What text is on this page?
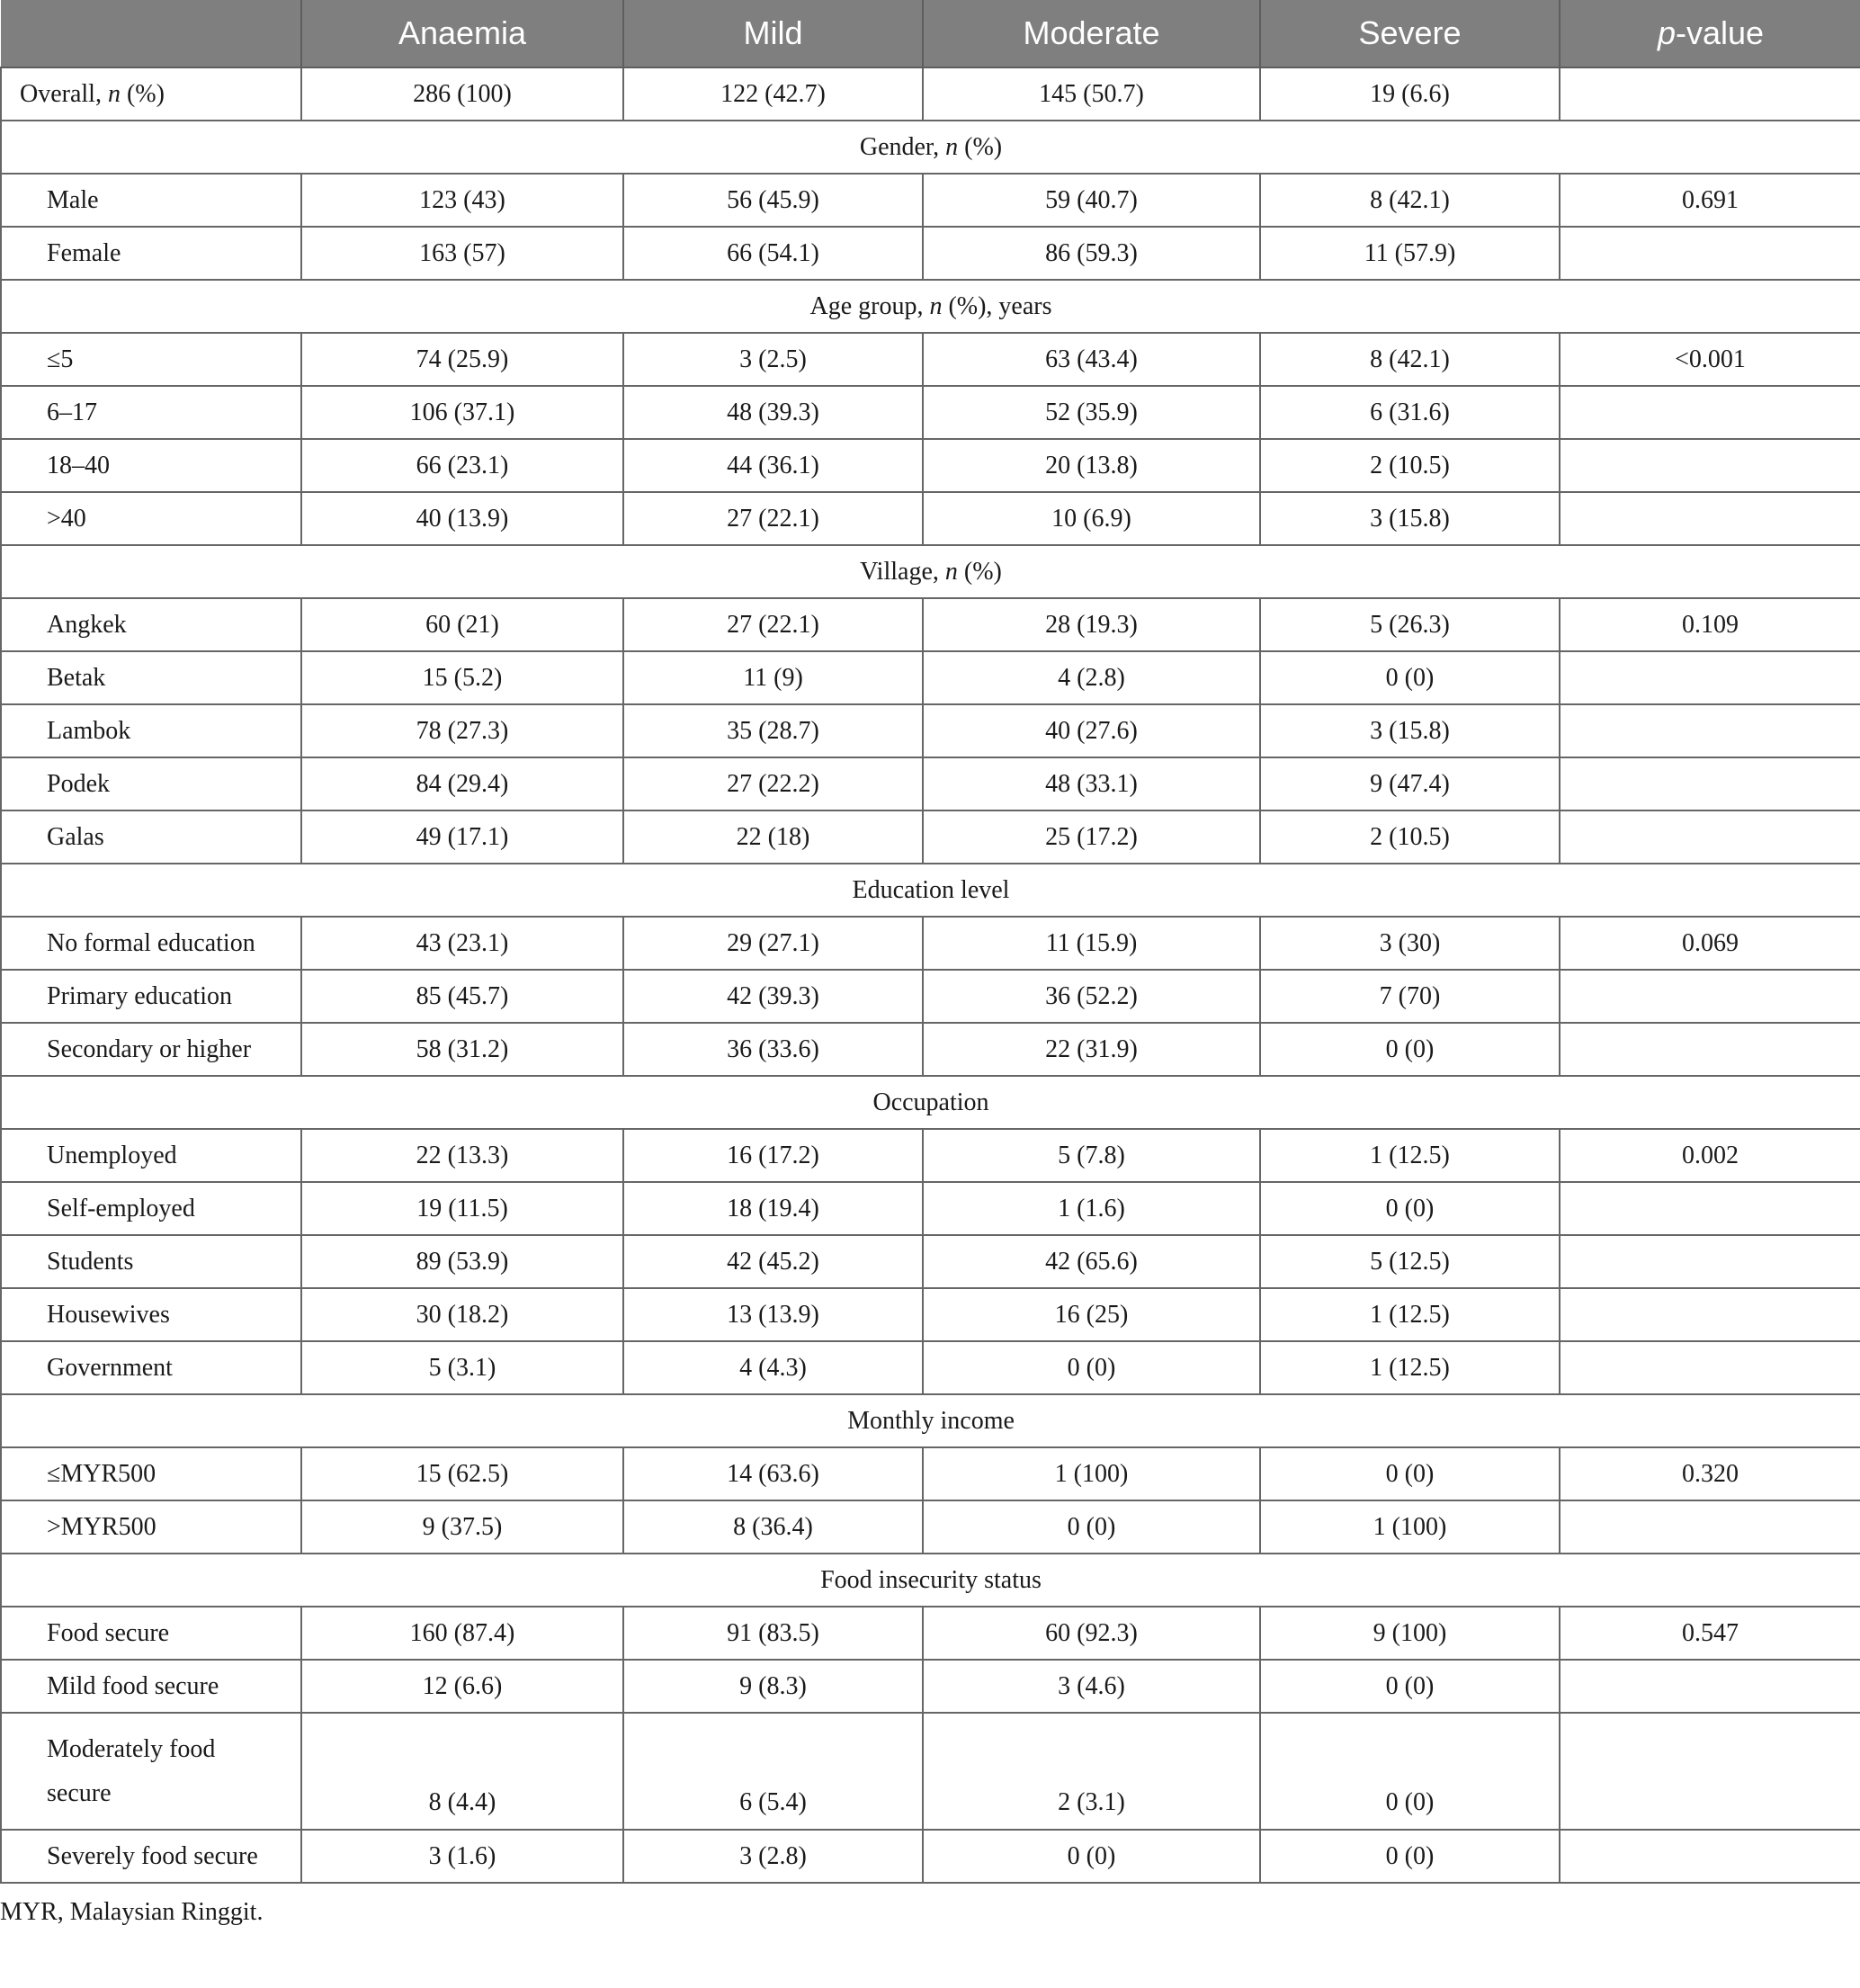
	Anaemia	Mild	Moderate	Severe	p-value
Overall, n (%)	286 (100)	122 (42.7)	145 (50.7)	19 (6.6)	
Gender, n (%)					
Male	123 (43)	56 (45.9)	59 (40.7)	8 (42.1)	0.691
Female	163 (57)	66 (54.1)	86 (59.3)	11 (57.9)	
Age group, n (%), years					
≤5	74 (25.9)	3 (2.5)	63 (43.4)	8 (42.1)	<0.001
6–17	106 (37.1)	48 (39.3)	52 (35.9)	6 (31.6)	
18–40	66 (23.1)	44 (36.1)	20 (13.8)	2 (10.5)	
>40	40 (13.9)	27 (22.1)	10 (6.9)	3 (15.8)	
Village, n (%)					
Angkek	60 (21)	27 (22.1)	28 (19.3)	5 (26.3)	0.109
Betak	15 (5.2)	11 (9)	4 (2.8)	0 (0)	
Lambok	78 (27.3)	35 (28.7)	40 (27.6)	3 (15.8)	
Podek	84 (29.4)	27 (22.2)	48 (33.1)	9 (47.4)	
Galas	49 (17.1)	22 (18)	25 (17.2)	2 (10.5)	
Education level					
No formal education	43 (23.1)	29 (27.1)	11 (15.9)	3 (30)	0.069
Primary education	85 (45.7)	42 (39.3)	36 (52.2)	7 (70)	
Secondary or higher	58 (31.2)	36 (33.6)	22 (31.9)	0 (0)	
Occupation					
Unemployed	22 (13.3)	16 (17.2)	5 (7.8)	1 (12.5)	0.002
Self-employed	19 (11.5)	18 (19.4)	1 (1.6)	0 (0)	
Students	89 (53.9)	42 (45.2)	42 (65.6)	5 (12.5)	
Housewives	30 (18.2)	13 (13.9)	16 (25)	1 (12.5)	
Government	5 (3.1)	4 (4.3)	0 (0)	1 (12.5)	
Monthly income					
≤MYR500	15 (62.5)	14 (63.6)	1 (100)	0 (0)	0.320
>MYR500	9 (37.5)	8 (36.4)	0 (0)	1 (100)	
Food insecurity status					
Food secure	160 (87.4)	91 (83.5)	60 (92.3)	9 (100)	0.547
Mild food secure	12 (6.6)	9 (8.3)	3 (4.6)	0 (0)	
Moderately food secure	8 (4.4)	6 (5.4)	2 (3.1)	0 (0)	
Severely food secure	3 (1.6)	3 (2.8)	0 (0)	0 (0)	
MYR, Malaysian Ringgit.
